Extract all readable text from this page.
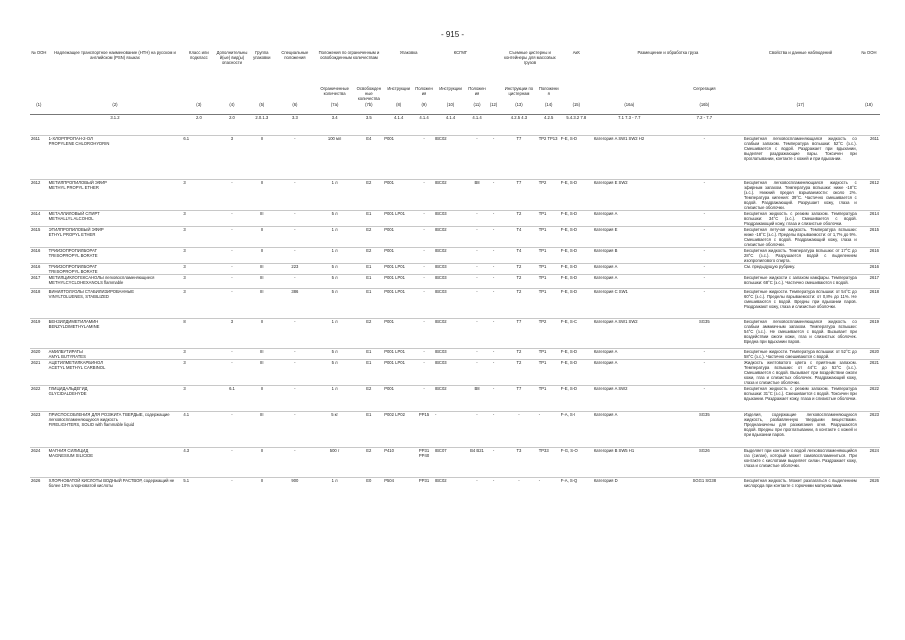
- 915 -
№ ООН	Надлежащее транспортное наименование (НТН) на русском и английском (PSN) языках	Класс или подкласс	Дополнительный(ые) вид(ы) опасности	Группа упаковки	Специальные положения	Положения по ограниченным и освобожденным количествам		Упаковка		КСГМГ			Съемные цистерны и контейнеры для массовых грузов		АкК	Размещение и обработка груза		Свойства и данные наблюдений	№ ООН
						Ограниченные количества	Освобожденные количества	Инструкции	Положения	Инструкции	Положения		Инструкции по цистернам	Положения			Сегрегация		
(1)	(2)	(3)	(4)	(5)	(6)	(7a)	(7b)	(8)	(9)	(10)	(11)	(12)	(13)	(14)	(15)	(16a)	(16b)	(17)	(18)
	3.1.2	2.0	2.0	2.0.1.3	3.3	3.4	3.5	4.1.4	4.1.4	4.1.4	4.1.4		4.2.5 4.3	4.2.5	5.4.3.2 7.8	7.1 7.3 - 7.7	7.2 - 7.7		
2611	1-ХЛОРПРОПАН-2-ОЛ
PROPYLENE CHLOROHYDRIN	6.1	3	II	-	100 мл	E4	P001	-	IBC02	-	-	T7	TP2 TP13	F-E, S-D	Категория A SW1 SW2 H2	-	Бесцветная легковоспламеняющаяся жидкость со слабым запахом. Температура вспышки: 52°C (з.с.). Смешивается с водой. Раздражает при вдыхании, выделяет раздражающие пары. Токсичен при проглатывании, контакте с кожей и при вдыхании.	2611
2612	МЕТИЛПРОПИЛОВЫЙ ЭФИР
METHYL PROPYL ETHER	3	-	II	-	1 л	E2	P001	-	IBC02	B8	-	T7	TP2	F-E, S-D	Категория E SW2	-	Бесцветная легковоспламеняющаяся жидкость с эфирным запахом. Температура вспышки: ниже -18°C (з.с.). Нижний предел взрываемости: около 2%. Температура кипения: 39°C. Частично смешивается с водой. Раздражающий. Разрушает кожу, глаза и слизистые оболочки.	2612
2614	МЕТАЛЛИЛОВЫЙ СПИРТ
METHALLYL ALCOHOL	3	-	III	-	5 л	E1	P001 LP01	-	IBC03	-	-	T2	TP1	F-E, S-D	Категория A	-	Бесцветная жидкость с резким запахом. Температура вспышки: 34°C (з.с.). Смешивается с водой. Раздражающий кожу, глаза и слизистые оболочки.	2614
2615	ЭТИЛПРОПИЛОВЫЙ ЭФИР
ETHYL PROPYL ETHER	3	-	II	-	1 л	E2	P001	-	IBC02	-	-	T4	TP1	F-E, S-D	Категория E	-	Бесцветная летучая жидкость. Температура вспышки: ниже -18°C (з.с.). Пределы взрываемости: от 1,7% до 9%. Смешивается с водой. Раздражающий кожу, глаза и слизистые оболочки.	2615
2616	ТРИИЗОПРОПИЛБОРАТ
TRIISOPROPYL BORATE	3	-	II	-	1 л	E2	P001	-	IBC02	-	-	T4	TP1	F-E, S-D	Категория B	-	Бесцветная жидкость. Температура вспышки: от 17°C до 28°C (з.с.). Разрушается водой с выделением изопропилового спирта.	2616
2616	ТРИИЗОПРОПИЛБОРАТ
TRIISOPROPYL BORATE	3	-	III	223	5 л	E1	P001 LP01	-	IBC03	-	-	T2	TP1	F-E, S-D	Категория A	-	См. предыдущую рубрику.	2616
2617	МЕТИЛЦИКЛОГЕКСАНОЛЫ легковоспламеняющиеся
METHYLCYCLOHEXANOLS flammable	3	-	III	-	5 л	E1	P001 LP01	-	IBC03	-	-	T2	TP1	F-E, S-D	Категория A	-	Бесцветные жидкости с запахом камфары. Температура вспышки: 68°C (з.с.). Частично смешиваются с водой.	2617
2618	ВИНИЛТОЛУОЛЫ СТАБИЛИЗИРОВАННЫЕ
VINYLTOLUENES, STABILIZED	3	-	III	386	5 л	E1	P001 LP01	-	IBC03	-	-	T2	TP1	F-E, S-D	Категория C SW1	-	Бесцветные жидкости. Температура вспышки: от 54°C до 60°C (з.с.). Пределы взрываемости: от 0,8% до 11%. Не смешиваются с водой. Вредны при вдыхании паров. Раздражают кожу, глаза и слизистые оболочки.	2618
2619	БЕНЗИЛДИМЕТИЛАМИН
BENZYLDIMETHYLAMINE	8	3	II	-	1 л	E2	P001	-	IBC02	-	-	T7	TP2	F-E, S-C	Категория A SW1 SW2	SG35	Бесцветная легковоспламеняющаяся жидкость со слабым аммиачным запахом. Температура вспышки: 54°C (з.с.). Не смешивается с водой. Вызывает при воздействии ожоги кожи, глаз и слизистых оболочек. Вредна при вдыхании паров.	2619
2620	АМИЛБУТИРАТЫ
AMYL BUTYRATES	3	-	III	-	5 л	E1	P001 LP01	-	IBC03	-	-	T2	TP1	F-E, S-D	Категория A	-	Бесцветные жидкости. Температура вспышки: от 52°C до 58°C (з.с.). Частично смешиваются с водой.	2620
2621	АЦЕТИЛМЕТИЛКАРБИНОЛ
ACETYL METHYL CARBINOL	3	-	III	-	5 л	E1	P001 LP01	-	IBC03	-	-	T2	TP1	F-E, S-D	Категория A	-	Жидкость желтоватого цвета с приятным запахом. Температура вспышки: от 44°C до 52°C (з.с.). Смешивается с водой. Вызывает при воздействии ожоги кожи, глаз и слизистых оболочек. Раздражающий кожу, глаза и слизистые оболочки.	2621
2622	ГЛИЦИДАЛЬДЕГИД
GLYCIDALDEHYDE	3	6.1	II	-	1 л	E2	P001	-	IBC02	B8	-	T7	TP1	F-E, S-D	Категория A SW2	-	Бесцветная жидкость с резким запахом. Температура вспышки: 31°C (з.с.). Смешивается с водой. Токсичен при вдыхании. Раздражает кожу, глаза и слизистые оболочки.	2622
2623	ПРИСПОСОБЛЕНИЯ ДЛЯ РОЗЖИГА ТВЕРДЫЕ, содержащие легковоспламеняющуюся жидкость
FIRELIGHTERS, SOLID with flammable liquid	4.1	-	III	-	5 кг	E1	P002 LP02	PP15	-	-	-	-	-	F-A, S-I	Категория A	SG35	Изделия, содержащие легковоспламеняющуюся жидкость, разбавленную твердыми веществами. Предназначены для разжигания огня. Разрушаются водой. Вредны при проглатывании, в контакте с кожей и при вдыхании паров.	2623
2624	МАГНИЯ СИЛИЦИД
MAGNESIUM SILICIDE	4.3	-	II	-	500 г	E2	P410	PP31 PP40	IBC07	B4 B21	-	T3	TP33	F-G, S-O	Категория B SW5 H1	SG26	Выделяет при контакте с водой легковоспламеняющийся газ (силан), который может самовоспламениться. При контакте с кислотами выделяет силан. Раздражает кожу, глаза и слизистые оболочки.	2624
2626	ХЛОРНОВАТОЙ КИСЛОТЫ ВОДНЫЙ РАСТВОР, содержащий не более 10% хлорноватой кислоты	5.1	-	II	900	1 л	E0	P504	PP31	IBC02	-	-	-	-	F-A, S-Q	Категория D	SGG1 SG38	Бесцветная жидкость. Может разлагаться с выделением кислорода при контакте с горючими материалами.	2626
